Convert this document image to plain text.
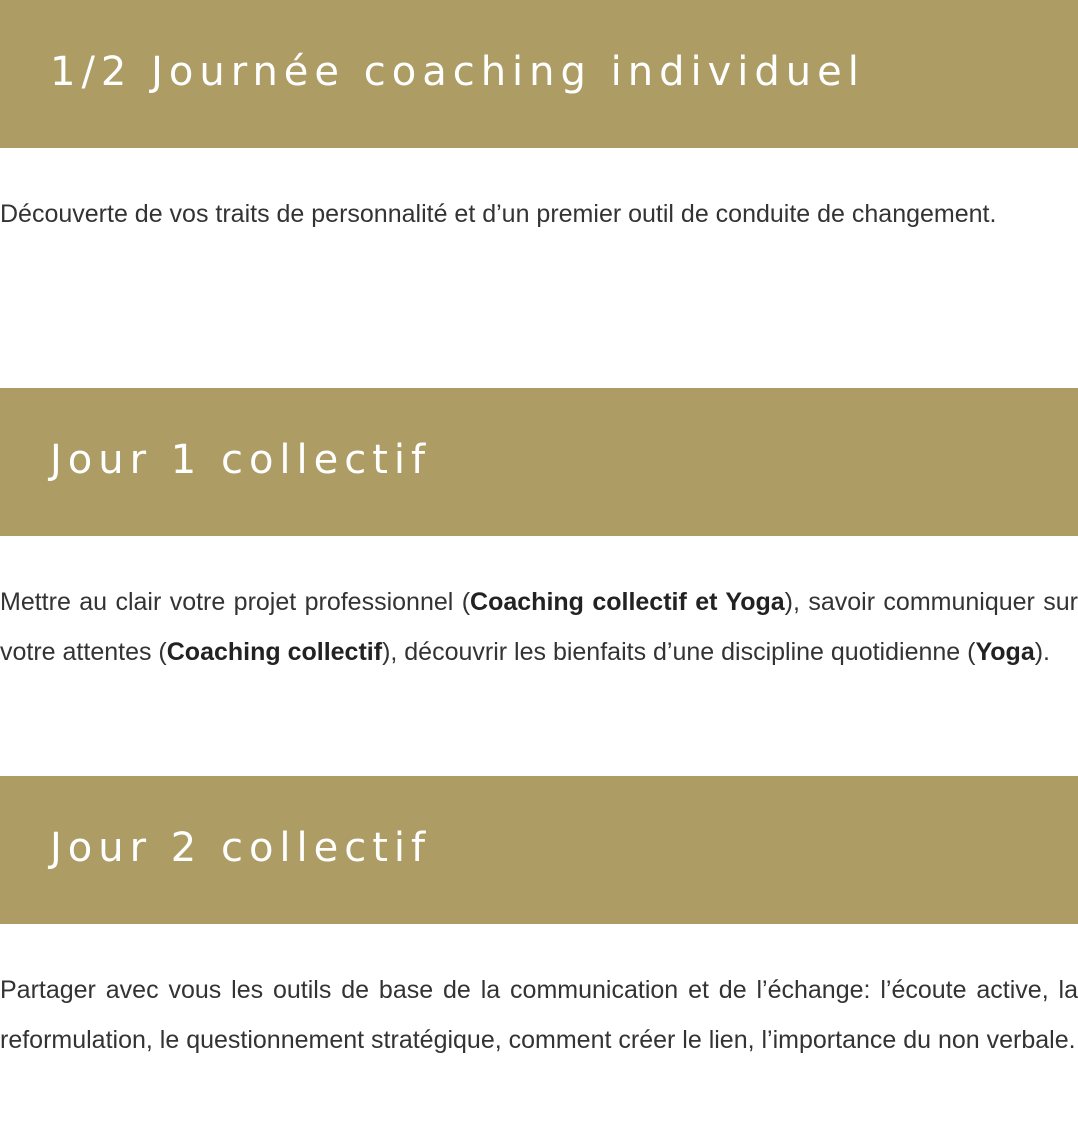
1/2 Journée coaching individuel

Découverte de vos traits de personnalité et d’un premier outil de conduite de changement.

Jour 1 collectif

Mettre au clair votre projet professionnel (Coaching collectif et Yoga), savoir communiquer sur votre attentes (Coaching collectif), découvrir les bienfaits d’une discipline quotidienne (Yoga).

Jour 2 collectif

Partager avec vous les outils de base de la communication et de l’échange: l’écoute active, la reformulation, le questionnement stratégique, comment créer le lien, l’importance du non verbale.
